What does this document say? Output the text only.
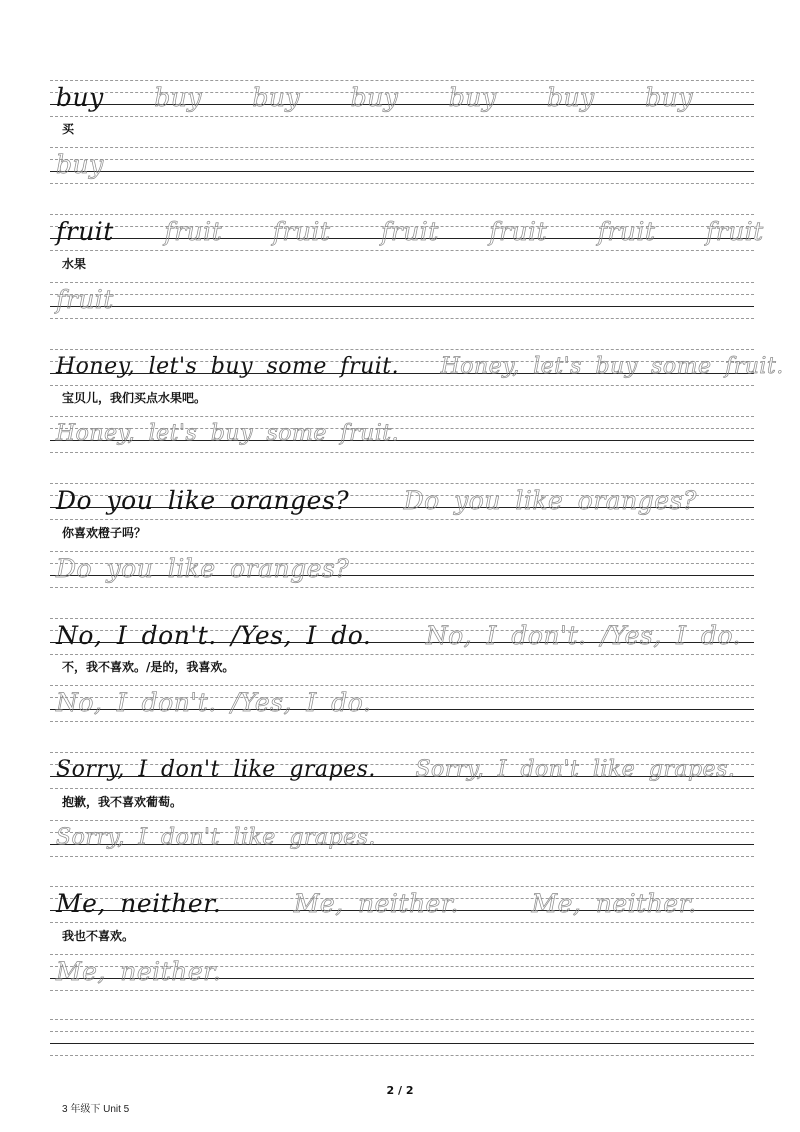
buy buy buy buy buy buy buy
买
buy
fruit fruit fruit fruit fruit fruit fruit
水果
fruit
Honey, let's buy some fruit. Honey, let's buy some fruit.
宝贝儿，我们买点水果吧。
Honey, let's buy some fruit.
Do you like oranges? Do you like oranges?
你喜欢橙子吗？
Do you like oranges?
No, I don't. /Yes, I do. No, I don't. /Yes, I do.
不，我不喜欢。/是的，我喜欢。
No, I don't. /Yes, I do.
Sorry, I don't like grapes. Sorry, I don't like grapes.
抱歉，我不喜欢葡萄。
Sorry, I don't like grapes.
Me, neither.	Me, neither.	Me, neither.
我也不喜欢。
Me, neither.
2 / 2
3 年级下 Unit 5
